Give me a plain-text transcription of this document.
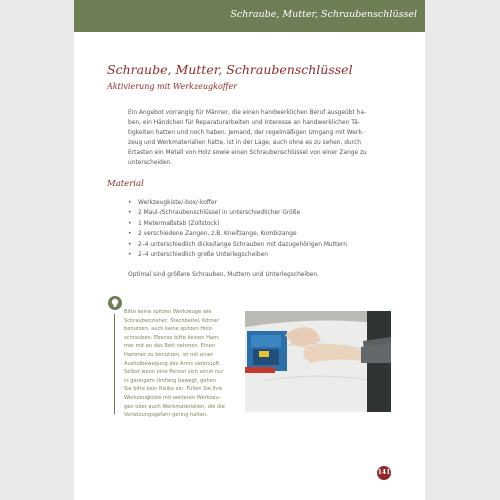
Schraube, Mutter, Schraubenschlüssel
Schraube, Mutter, Schraubenschlüssel
Aktivierung mit Werkzeugkoffer
Ein Angebot vorrangig für Männer, die einen handwerklichen Beruf ausgeübt ha-
ben, ein Händchen für Reparaturarbeiten und Interesse an handwerklichen Tä-
tigkeiten hatten und noch haben. Jemand, der regelmäßigen Umgang mit Werk-
zeug und Werkmaterialien hatte, ist in der Lage, auch ohne es zu sehen, durch
Ertasten ein Metall von Holz sowie einen Schraubenschlüssel von einer Zange zu
unterscheiden.
Material
• Werkzeugkiste/-box/-koffer
• 2 Maul-/Schraubenschlüssel in unterschiedlicher Größe
• 1 Metermaßstab (Zollstock)
• 2 verschiedene Zangen, z.B. Kneifzange, Kombizange
• 2–4 unterschiedlich dicke/lange Schrauben mit dazugehörigen Muttern
• 2–4 unterschiedlich große Unterlegscheiben
Optimal sind größere Schrauben, Muttern und Unterlegscheiben.
Bitte keine spitzen Werkzeuge wie
Schraubenzieher, Stechbeitel, Körner
benutzen, auch keine spitzen Holz-
schrauben. Ebenso bitte keinen Ham-
mer mit an das Bett nehmen. Einen
Hammer zu benutzen, ist mit einer
Ausholbewegung des Arms verknüpft.
Selbst wenn eine Person sich sonst nur
in geringem Umfang bewegt, gehen
Sie bitte kein Risiko ein. Füllen Sie Ihre
Werkzeugkiste mit weiteren Werkzeu-
gen oder auch Werkmaterialien, die die
Verletzungsgefahr gering halten.
141
